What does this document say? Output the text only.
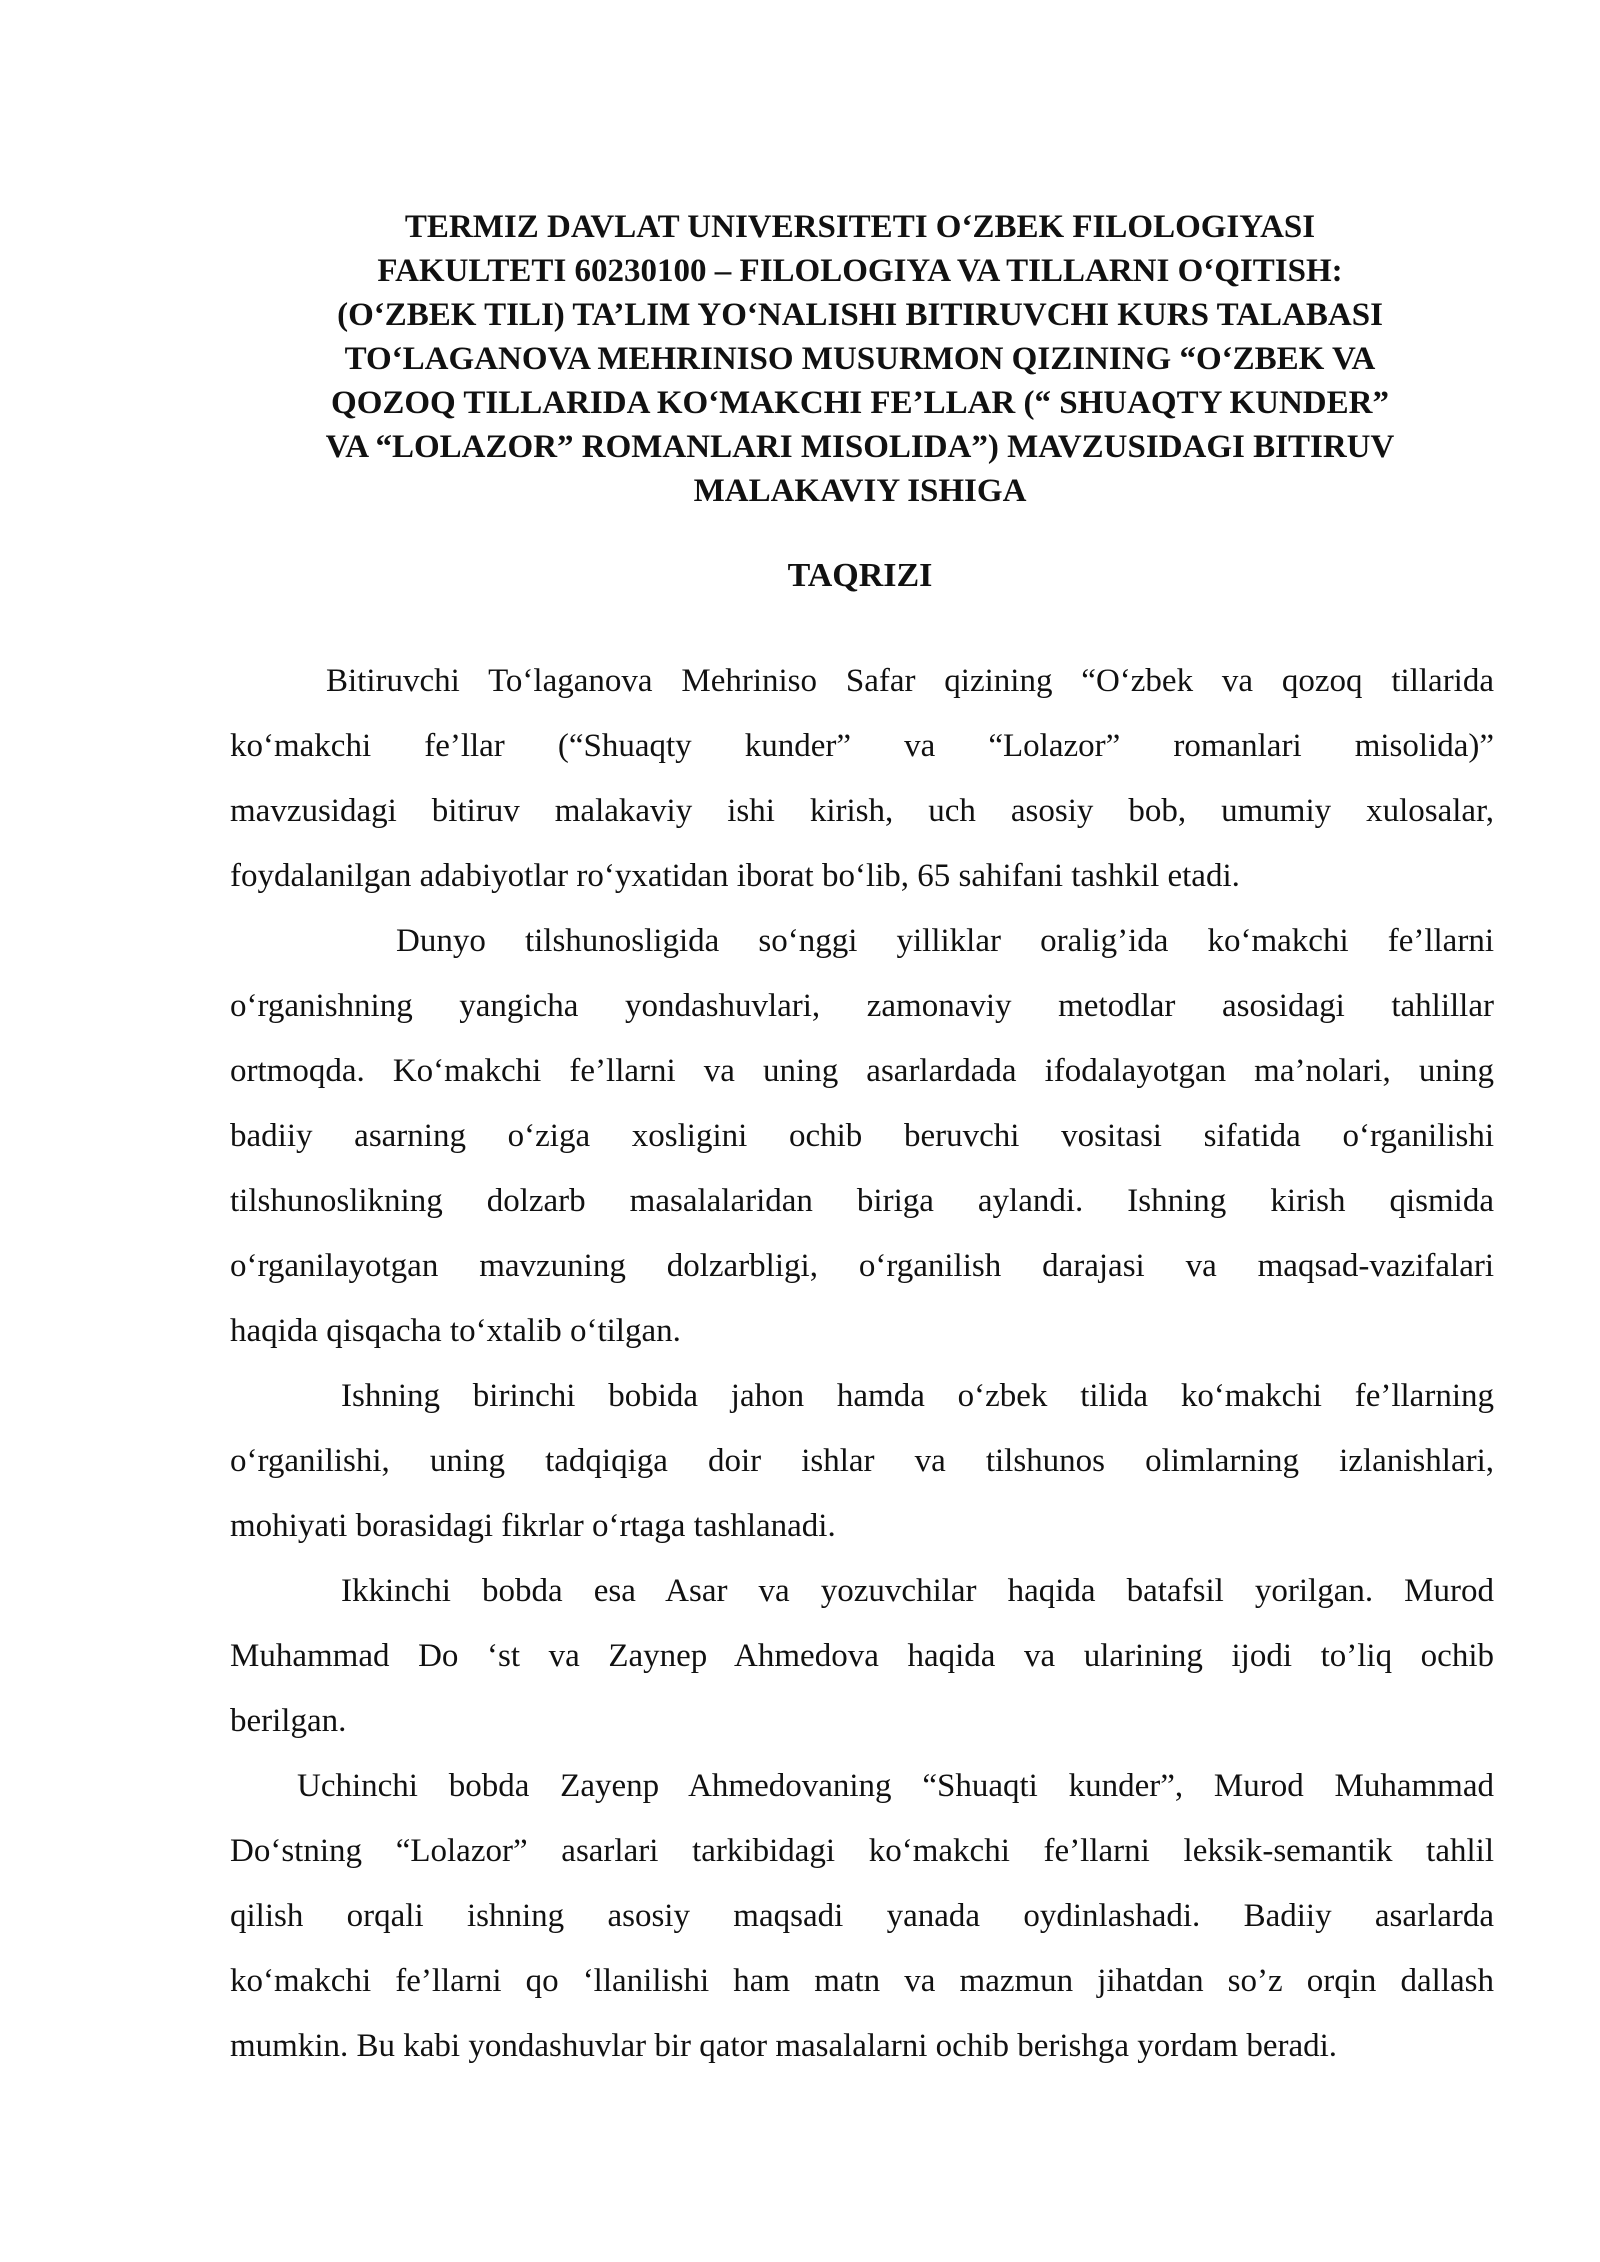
TERMIZ DAVLAT UNIVERSITETI O‘ZBEK FILOLOGIYASI
FAKULTETI 60230100 – FILOLOGIYA VA TILLARNI O‘QITISH:
(O‘ZBEK TILI) TA’LIM YO‘NALISHI BITIRUVCHI KURS TALABASI
TO‘LAGANOVA MEHRINISO MUSURMON QIZINING “O‘ZBEK VA
QOZOQ TILLARIDA KO‘MAKCHI FE’LLAR (“ SHUAQTY KUNDER”
VA “LOLAZOR” ROMANLARI MISOLIDA”) MAVZUSIDAGI BITIRUV
MALAKAVIY ISHIGA
TAQRIZI

Bitiruvchi To‘laganova Mehriniso Safar qizining “O‘zbek va qozoq tillarida
ko‘makchi fe’llar (“Shuaqty kunder” va “Lolazor” romanlari misolida)”
mavzusidagi bitiruv malakaviy ishi kirish, uch asosiy bob, umumiy xulosalar,
foydalanilgan adabiyotlar ro‘yxatidan iborat bo‘lib, 65 sahifani tashkil etadi.

Dunyo tilshunosligida so‘nggi yilliklar oralig’ida ko‘makchi fe’llarni
o‘rganishning yangicha yondashuvlari, zamonaviy metodlar asosidagi tahlillar
ortmoqda. Ko‘makchi fe’llarni va uning asarlardada ifodalayotgan ma’nolari, uning
badiiy asarning o‘ziga xosligini ochib beruvchi vositasi sifatida o‘rganilishi
tilshunoslikning dolzarb masalalaridan biriga aylandi. Ishning kirish qismida
o‘rganilayotgan mavzuning dolzarbligi, o‘rganilish darajasi va maqsad-vazifalari
haqida qisqacha to‘xtalib o‘tilgan.

Ishning birinchi bobida jahon hamda o‘zbek tilida ko‘makchi fe’llarning
o‘rganilishi, uning tadqiqiga doir ishlar va tilshunos olimlarning izlanishlari,
mohiyati borasidagi fikrlar o‘rtaga tashlanadi.

Ikkinchi bobda esa Asar va yozuvchilar haqida batafsil yorilgan. Murod
Muhammad Do ‘st va Zaynep Ahmedova haqida va ularining ijodi to’liq ochib
berilgan.

Uchinchi bobda Zayenp Ahmedovaning “Shuaqti kunder”, Murod Muhammad
Do‘stning “Lolazor” asarlari tarkibidagi ko‘makchi fe’llarni leksik-semantik tahlil
qilish orqali ishning asosiy maqsadi yanada oydinlashadi. Badiiy asarlarda
ko‘makchi fe’llarni qo ‘llanilishi ham matn va mazmun jihatdan so’z orqin dallash
mumkin. Bu kabi yondashuvlar bir qator masalalarni ochib berishga yordam beradi.
